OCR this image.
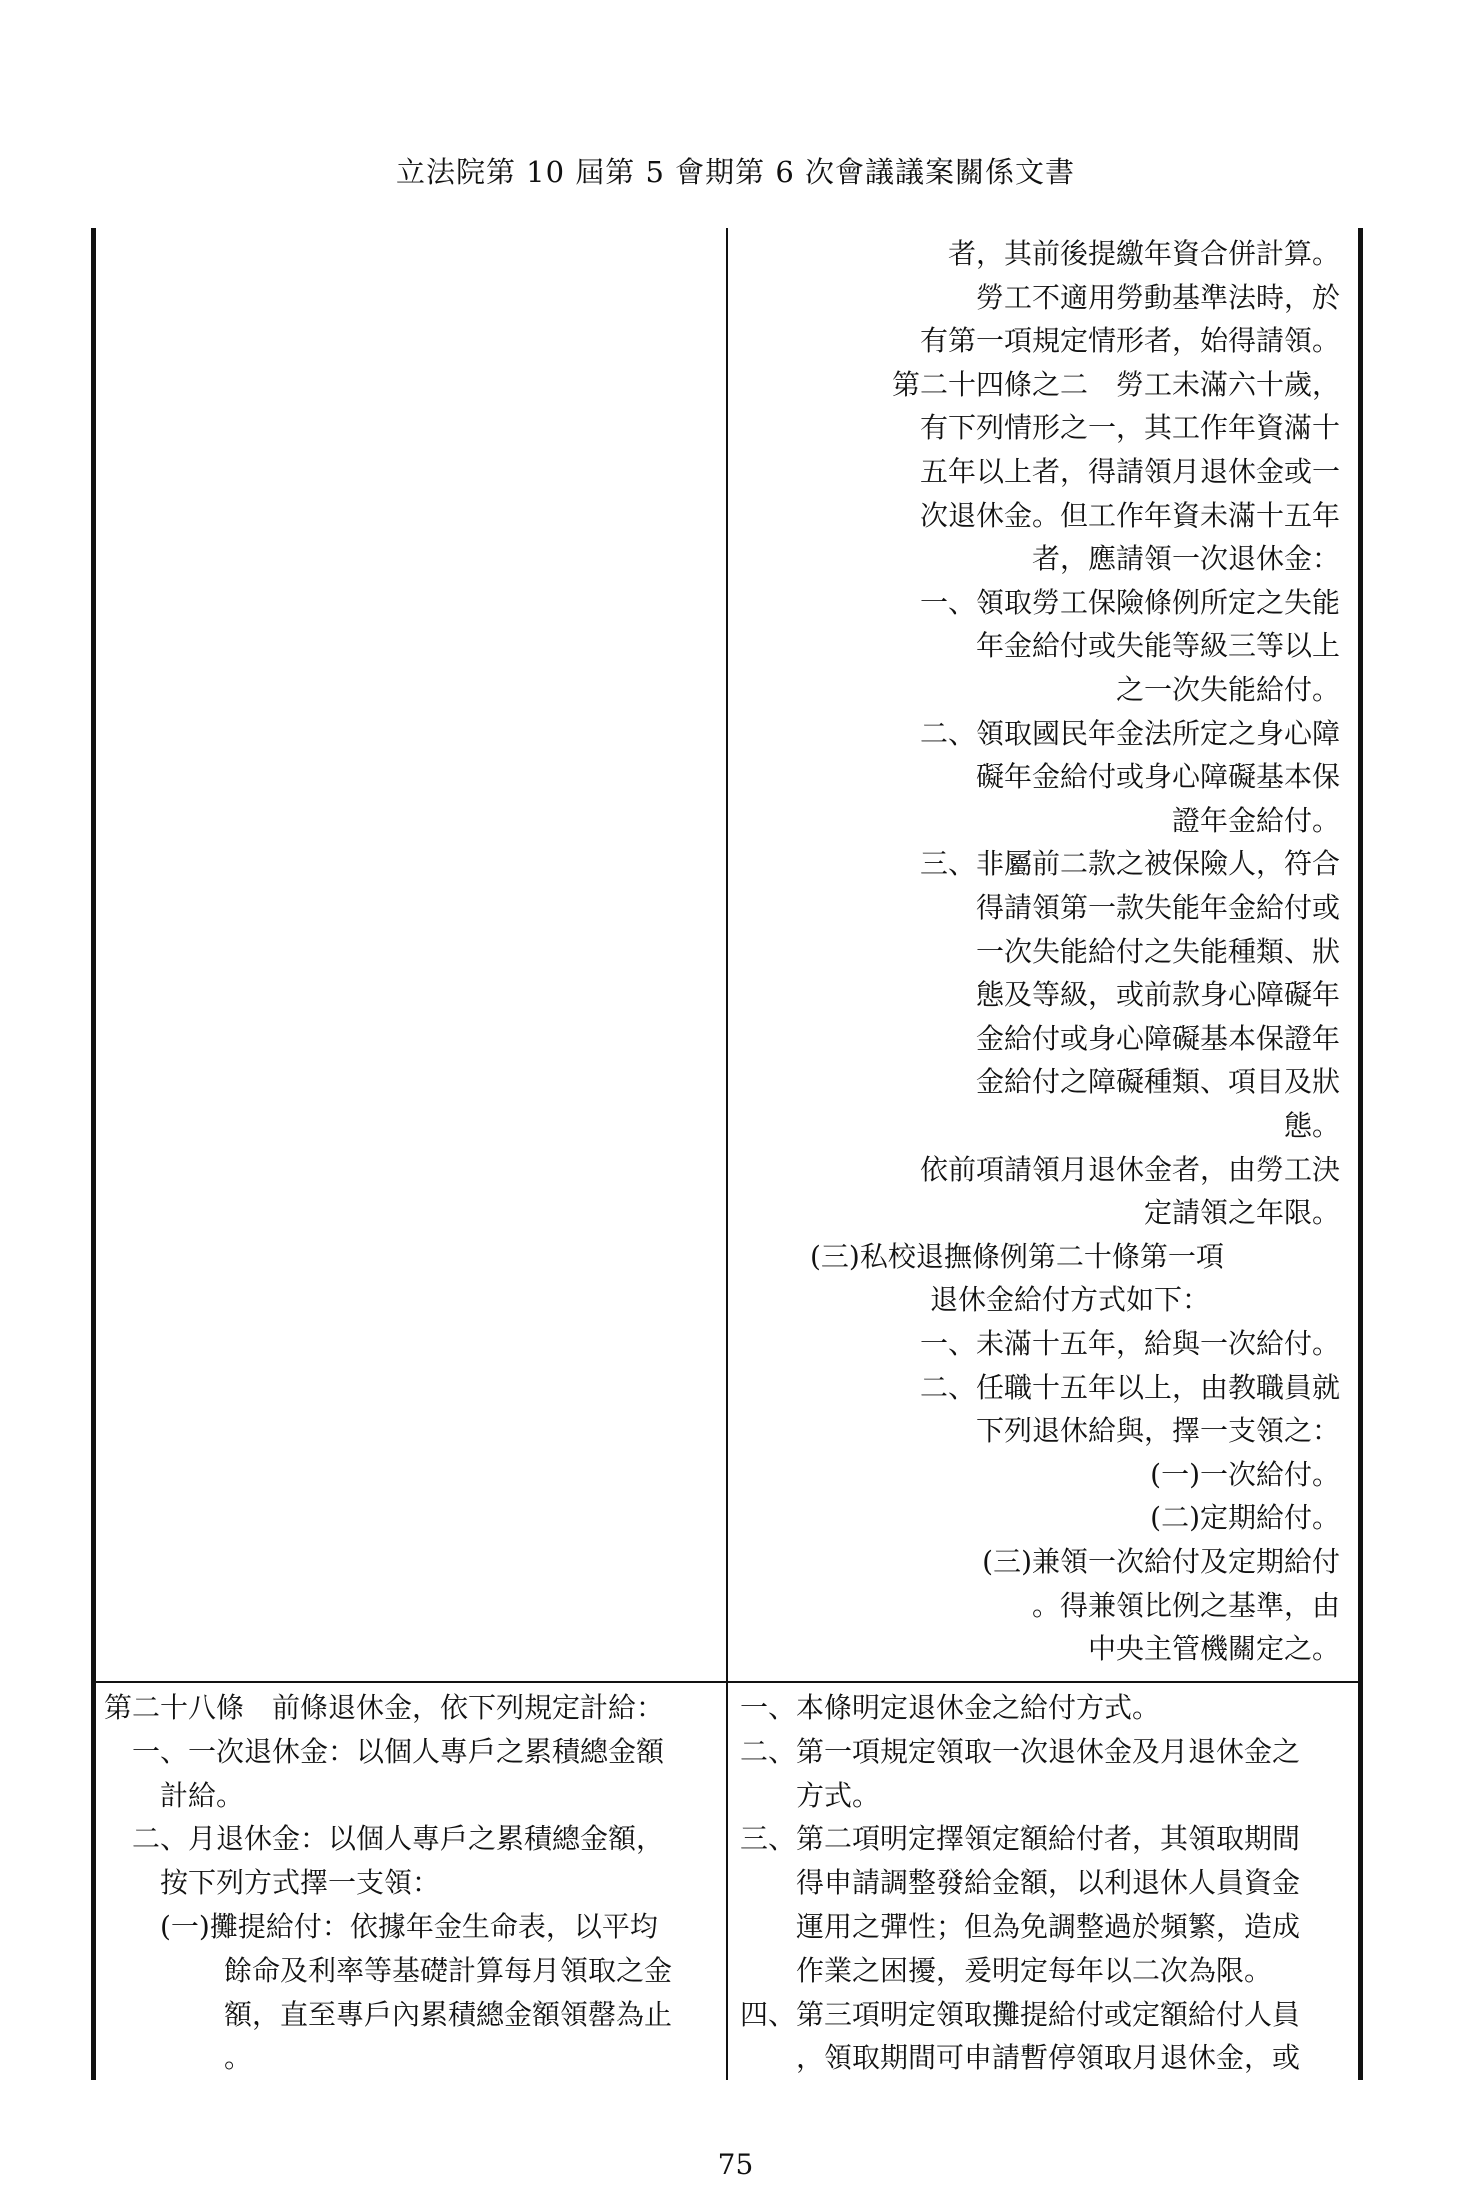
立法院第 10 屆第 5 會期第 6 次會議議案關係文書
者，其前後提繳年資合併計算。
勞工不適用勞動基準法時，於
有第一項規定情形者，始得請領。
第二十四條之二　勞工未滿六十歲，
有下列情形之一，其工作年資滿十
五年以上者，得請領月退休金或一
次退休金。但工作年資未滿十五年
者，應請領一次退休金：
一、領取勞工保險條例所定之失能
年金給付或失能等級三等以上
之一次失能給付。
二、領取國民年金法所定之身心障
礙年金給付或身心障礙基本保
證年金給付。
三、非屬前二款之被保險人，符合
得請領第一款失能年金給付或
一次失能給付之失能種類、狀
態及等級，或前款身心障礙年
金給付或身心障礙基本保證年
金給付之障礙種類、項目及狀
態。
依前項請領月退休金者，由勞工決
定請領之年限。
(三)私校退撫條例第二十條第一項
退休金給付方式如下：
一、未滿十五年，給與一次給付。
二、任職十五年以上，由教職員就
下列退休給與，擇一支領之：
(一)一次給付。
(二)定期給付。
(三)兼領一次給付及定期給付
。得兼領比例之基準，由
中央主管機關定之。
第二十八條　前條退休金，依下列規定計給：
一、一次退休金：以個人專戶之累積總金額
計給。
二、月退休金：以個人專戶之累積總金額，
按下列方式擇一支領：
(一)攤提給付：依據年金生命表，以平均
餘命及利率等基礎計算每月領取之金
額，直至專戶內累積總金額領罄為止
。
一、本條明定退休金之給付方式。
二、第一項規定領取一次退休金及月退休金之
方式。
三、第二項明定擇領定額給付者，其領取期間
得申請調整發給金額，以利退休人員資金
運用之彈性；但為免調整過於頻繁，造成
作業之困擾，爰明定每年以二次為限。
四、第三項明定領取攤提給付或定額給付人員
，領取期間可申請暫停領取月退休金，或
75
